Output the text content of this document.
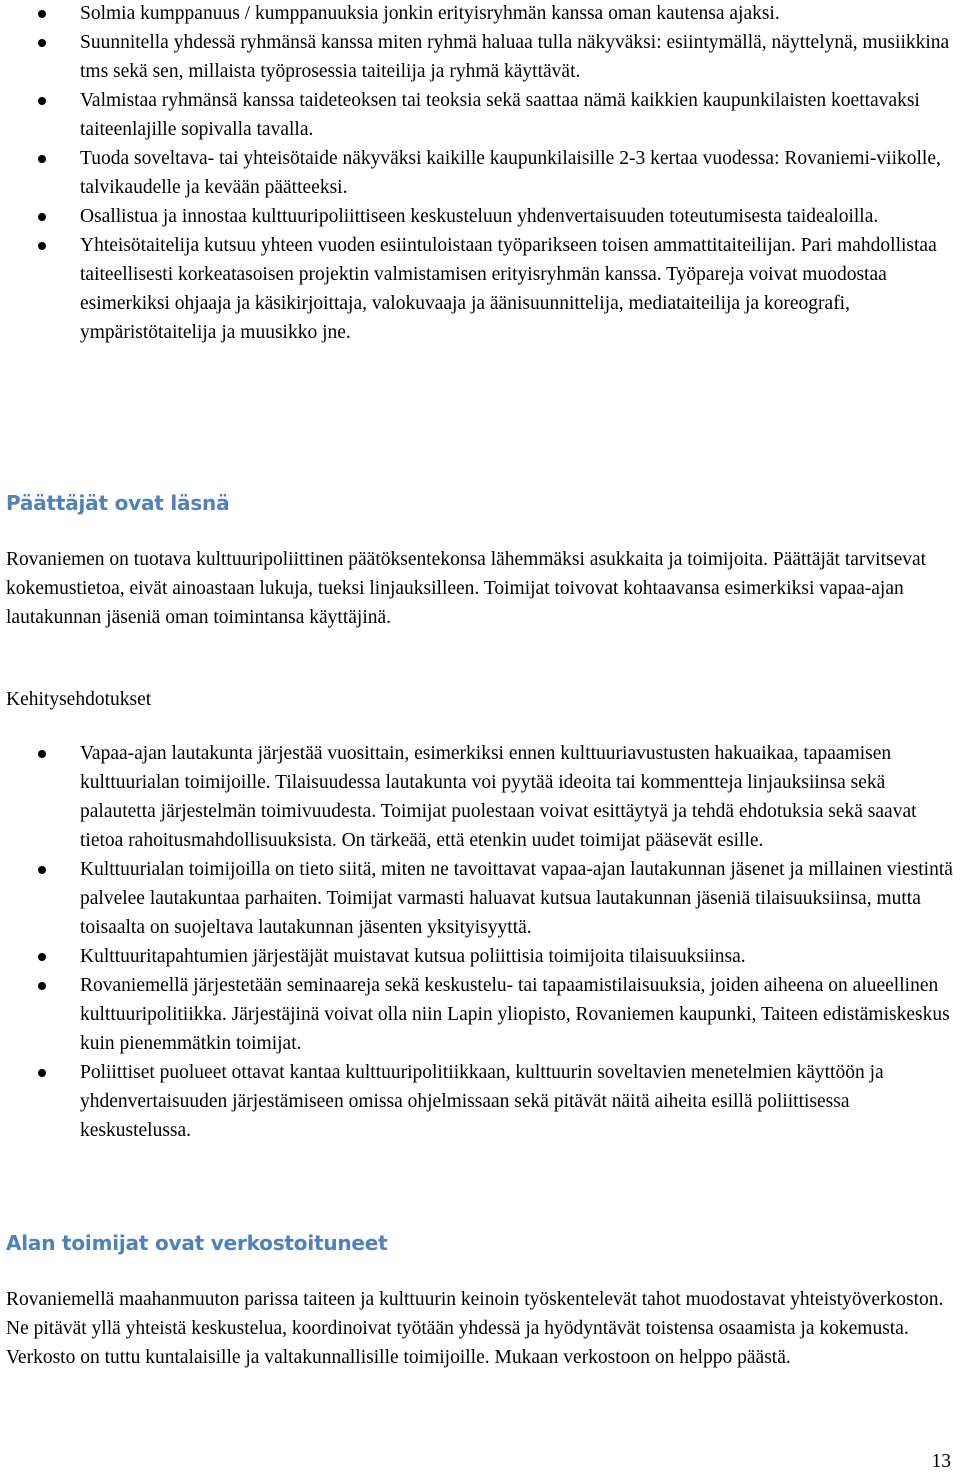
Solmia kumppanuus / kumppanuuksia jonkin erityisryhmän kanssa oman kautensa ajaksi.
Suunnitella yhdessä ryhmänsä kanssa miten ryhmä haluaa tulla näkyväksi: esiintymällä, näyttelynä, musiikkina tms sekä sen, millaista työprosessia taiteilija ja ryhmä käyttävät.
Valmistaa ryhmänsä kanssa taideteoksen tai teoksia sekä saattaa nämä kaikkien kaupunkilaisten koettavaksi taiteenlajille sopivalla tavalla.
Tuoda soveltava- tai yhteisötaide näkyväksi kaikille kaupunkilaisille 2-3 kertaa vuodessa: Rovaniemi-viikolle, talvikaudelle ja kevään päätteeksi.
Osallistua ja innostaa kulttuuripoliittiseen keskusteluun yhdenvertaisuuden toteutumisesta taidealoilla.
Yhteisötaitelija kutsuu yhteen vuoden esiintuloistaan työparikseen toisen ammattitaiteilijan. Pari mahdollistaa taiteellisesti korkeatasoisen projektin valmistamisen erityisryhmän kanssa. Työpareja voivat muodostaa esimerkiksi ohjaaja ja käsikirjoittaja, valokuvaaja ja äänisuunnittelija, mediataiteilija ja koreografi, ympäristötaitelija ja muusikko jne.
Päättäjät ovat läsnä

Rovaniemen on tuotava kulttuuripoliittinen päätöksentekonsa lähemmäksi asukkaita ja toimijoita. Päättäjät tarvitsevat kokemustietoa, eivät ainoastaan lukuja, tueksi linjauksilleen. Toimijat toivovat kohtaavansa esimerkiksi vapaa-ajan lautakunnan jäseniä oman toimintansa käyttäjinä.

Kehitysehdotukset

Vapaa-ajan lautakunta järjestää vuosittain, esimerkiksi ennen kulttuuriavustusten hakuaikaa, tapaamisen kulttuurialan toimijoille. Tilaisuudessa lautakunta voi pyytää ideoita tai kommentteja linjauksiinsa sekä palautetta järjestelmän toimivuudesta. Toimijat puolestaan voivat esittäytyä ja tehdä ehdotuksia sekä saavat tietoa rahoitusmahdollisuuksista. On tärkeää, että etenkin uudet toimijat pääsevät esille.
Kulttuurialan toimijoilla on tieto siitä, miten ne tavoittavat vapaa-ajan lautakunnan jäsenet ja millainen viestintä palvelee lautakuntaa parhaiten. Toimijat varmasti haluavat kutsua lautakunnan jäseniä tilaisuuksiinsa, mutta toisaalta on suojeltava lautakunnan jäsenten yksityisyyttä.
Kulttuuritapahtumien järjestäjät muistavat kutsua poliittisia toimijoita tilaisuuksiinsa.
Rovaniemellä järjestetään seminaareja sekä keskustelu- tai tapaamistilaisuuksia, joiden aiheena on alueellinen kulttuuripolitiikka. Järjestäjinä voivat olla niin Lapin yliopisto, Rovaniemen kaupunki, Taiteen edistämiskeskus kuin pienemmätkin toimijat.
Poliittiset puolueet ottavat kantaa kulttuuripolitiikkaan, kulttuurin soveltavien menetelmien käyttöön ja yhdenvertaisuuden järjestämiseen omissa ohjelmissaan sekä pitävät näitä aiheita esillä poliittisessa keskustelussa.
Alan toimijat ovat verkostoituneet

Rovaniemellä maahanmuuton parissa taiteen ja kulttuurin keinoin työskentelevät tahot muodostavat yhteistyöverkoston. Ne pitävät yllä yhteistä keskustelua, koordinoivat työtään yhdessä ja hyödyntävät toistensa osaamista ja kokemusta. Verkosto on tuttu kuntalaisille ja valtakunnallisille toimijoille. Mukaan verkostoon on helppo päästä.

13
